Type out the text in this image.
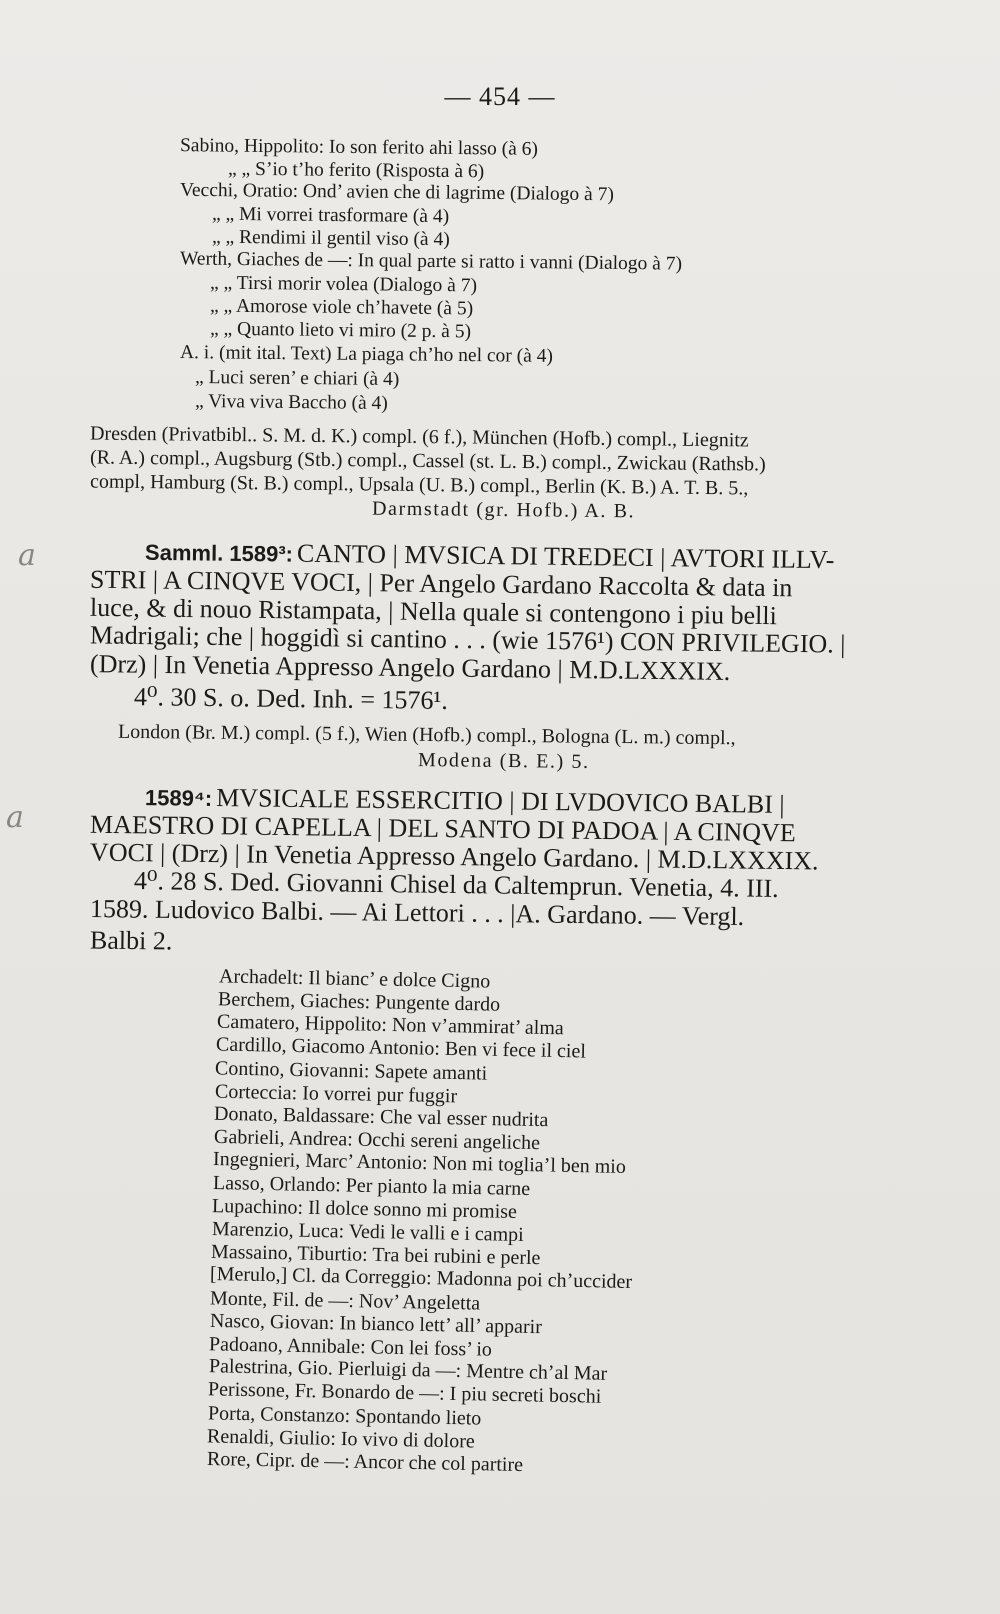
— 454 —
a
a
Sabino, Hippolito: Io son ferito ahi lasso (à 6)
„ „ S’io t’ho ferito (Risposta à 6)
Vecchi, Oratio: Ond’ avien che di lagrime (Dialogo à 7)
„ „ Mi vorrei trasformare (à 4)
„ „ Rendimi il gentil viso (à 4)
Werth, Giaches de —: In qual parte si ratto i vanni (Dialogo à 7)
„ „ Tirsi morir volea (Dialogo à 7)
„ „ Amorose viole ch’havete (à 5)
„ „ Quanto lieto vi miro (2 p. à 5)
A. i. (mit ital. Text) La piaga ch’ho nel cor (à 4)
„ Luci seren’ e chiari (à 4)
„ Viva viva Baccho (à 4)
Dresden (Privatbibl.. S. M. d. K.) compl. (6 f.), München (Hofb.) compl., Liegnitz
(R. A.) compl., Augsburg (Stb.) compl., Cassel (st. L. B.) compl., Zwickau (Rathsb.)
compl, Hamburg (St. B.) compl., Upsala (U. B.) compl., Berlin (K. B.) A. T. B. 5.,
Darmstadt (gr. Hofb.) A. B.
Samml. 1589³: CANTO | MVSICA DI TREDECI | AVTORI ILLV-
STRI | A CINQVE VOCI, | Per Angelo Gardano Raccolta & data in
luce, & di nouo Ristampata, | Nella quale si contengono i piu belli
Madrigali; che | hoggidì si cantino . . . (wie 1576¹) CON PRIVILEGIO. |
(Drz) | In Venetia Appresso Angelo Gardano | M.D.LXXXIX.
4⁰. 30 S. o. Ded. Inh. = 1576¹.
London (Br. M.) compl. (5 f.), Wien (Hofb.) compl., Bologna (L. m.) compl.,
Modena (B. E.) 5.
1589⁴: MVSICALE ESSERCITIO | DI LVDOVICO BALBI |
MAESTRO DI CAPELLA | DEL SANTO DI PADOA | A CINQVE
VOCI | (Drz) | In Venetia Appresso Angelo Gardano. | M.D.LXXXIX.
4⁰. 28 S. Ded. Giovanni Chisel da Caltemprun. Venetia, 4. III.
1589. Ludovico Balbi. — Ai Lettori . . . |A. Gardano. — Vergl.
Balbi 2.
Archadelt: Il bianc’ e dolce Cigno
Berchem, Giaches: Pungente dardo
Camatero, Hippolito: Non v’ammirat’ alma
Cardillo, Giacomo Antonio: Ben vi fece il ciel
Contino, Giovanni: Sapete amanti
Corteccia: Io vorrei pur fuggir
Donato, Baldassare: Che val esser nudrita
Gabrieli, Andrea: Occhi sereni angeliche
Ingegnieri, Marc’ Antonio: Non mi toglia’l ben mio
Lasso, Orlando: Per pianto la mia carne
Lupachino: Il dolce sonno mi promise
Marenzio, Luca: Vedi le valli e i campi
Massaino, Tiburtio: Tra bei rubini e perle
[Merulo,] Cl. da Correggio: Madonna poi ch’uccider
Monte, Fil. de —: Nov’ Angeletta
Nasco, Giovan: In bianco lett’ all’ apparir
Padoano, Annibale: Con lei foss’ io
Palestrina, Gio. Pierluigi da —: Mentre ch’al Mar
Perissone, Fr. Bonardo de —: I piu secreti boschi
Porta, Constanzo: Spontando lieto
Renaldi, Giulio: Io vivo di dolore
Rore, Cipr. de —: Ancor che col partire
